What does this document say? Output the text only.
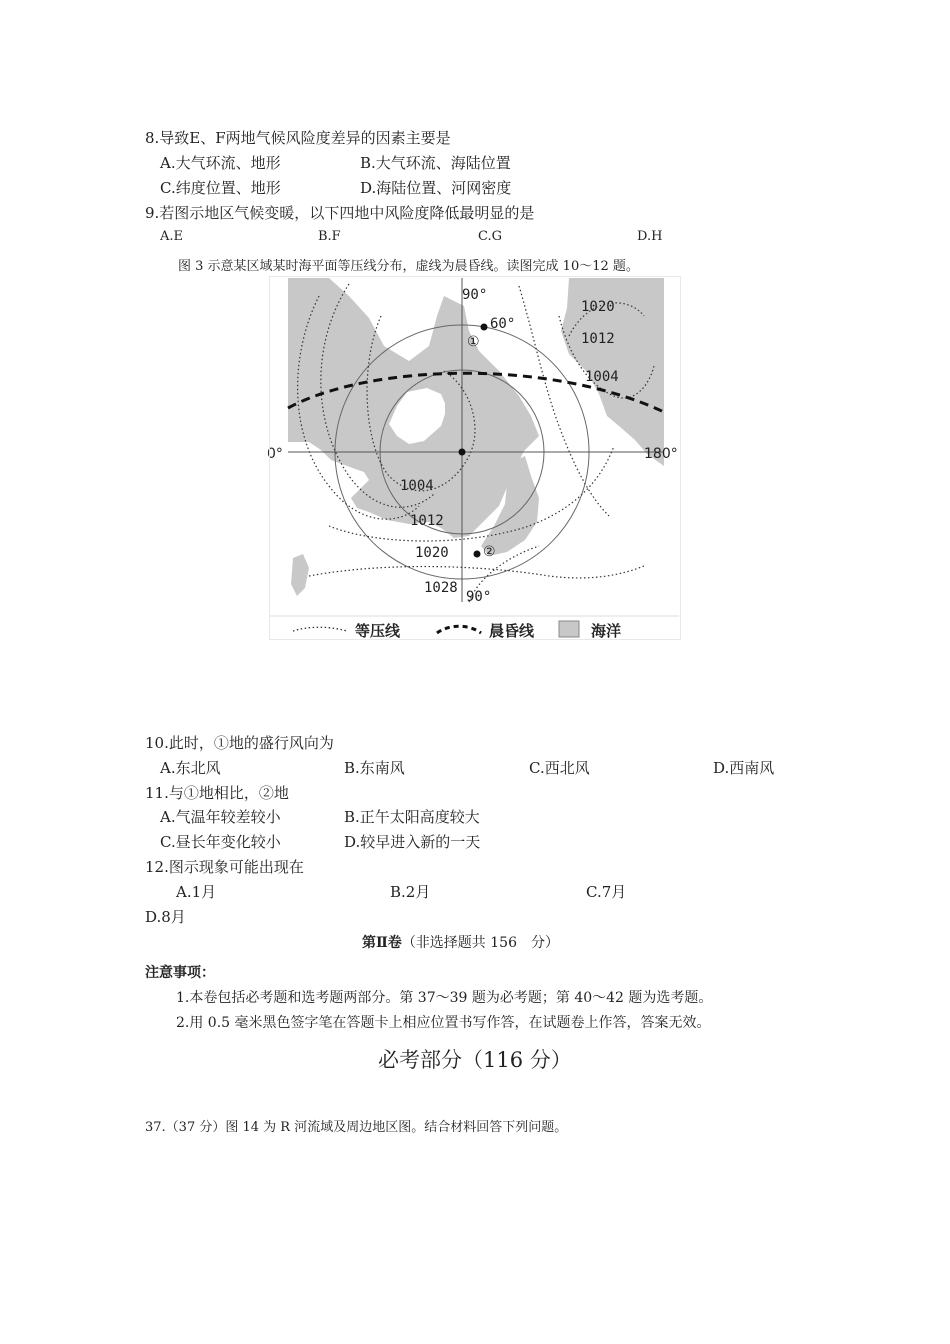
8.导致E、F两地气候风险度差异的因素主要是
A.大气环流、地形	B.大气环流、海陆位置
C.纬度位置、地形	D.海陆位置、河网密度
9.若图示地区气候变暖，以下四地中风险度降低最明显的是
A.E	B.F	C.G	D.H
图 3 示意某区域某时海平面等压线分布，虚线为晨昏线。读图完成 10～12 题。
0°	180°
90°
60°
①
②
90°
1020
1012
1004
1004
1012
1020
1028
等压线	晨昏线	海洋
10.此时，①地的盛行风向为
A.东北风	B.东南风	C.西北风	D.西南风
11.与①地相比，②地
A.气温年较差较小	B.正午太阳高度较大
C.昼长年变化较小	D.较早进入新的一天
12.图示现象可能出现在
A.1月	B.2月	C.7月
D.8月
第Ⅱ卷（非选择题共 156　分）
注意事项：
1.本卷包括必考题和选考题两部分。第 37～39 题为必考题；第 40～42 题为选考题。
2.用 0.5 毫米黑色签字笔在答题卡上相应位置书写作答，在试题卷上作答，答案无效。
必考部分（116 分）
37.（37 分）图 14 为 R 河流域及周边地区图。结合材料回答下列问题。
